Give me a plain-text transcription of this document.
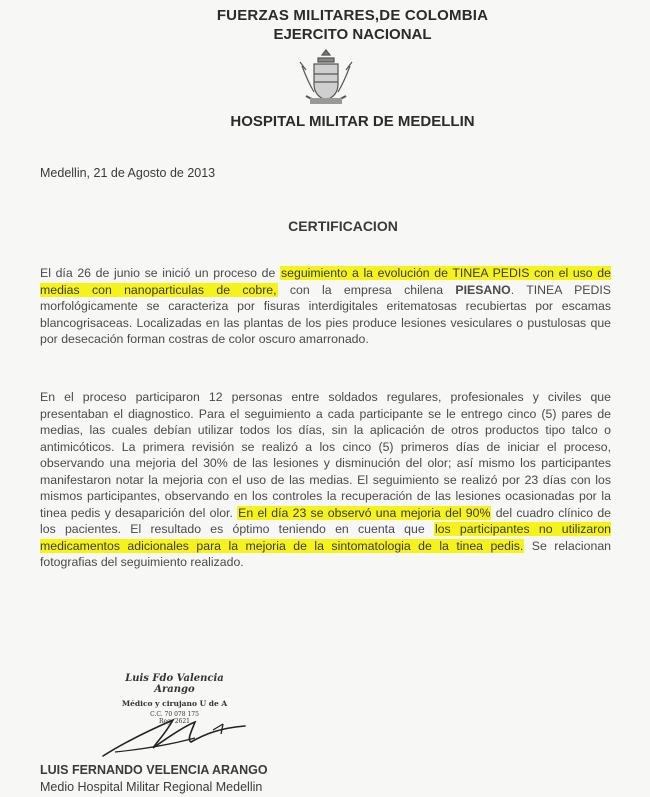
FUERZAS MILITARES,DE COLOMBIA
EJERCITO NACIONAL
HOSPITAL MILITAR DE MEDELLIN
Medellin, 21 de Agosto de 2013
CERTIFICACION
El día 26 de junio se inició un proceso de seguimiento a la evolución de TINEA PEDIS con el uso de medias con nanoparticulas de cobre, con la empresa chilena PIESANO. TINEA PEDIS morfológicamente se caracteriza por fisuras interdigitales eritematosas recubiertas por escamas blancogrisaceas. Localizadas en las plantas de los pies produce lesiones vesiculares o pustulosas que por desecación forman costras de color oscuro amarronado.
En el proceso participaron 12 personas entre soldados regulares, profesionales y civiles que presentaban el diagnostico. Para el seguimiento a cada participante se le entrego cinco (5) pares de medias, las cuales debían utilizar todos los días, sin la aplicación de otros productos tipo talco o antimicóticos. La primera revisión se realizó a los cinco (5) primeros días de iniciar el proceso, observando una mejoria del 30% de las lesiones y disminución del olor; así mismo los participantes manifestaron notar la mejoria con el uso de las medias. El seguimiento se realizó por 23 días con los mismos participantes, observando en los controles la recuperación de las lesiones ocasionadas por la tinea pedis y desaparición del olor. En el día 23 se observó una mejoria del 90% del cuadro clínico de los pacientes. El resultado es óptimo teniendo en cuenta que los participantes no utilizaron medicamentos adicionales para la mejoria de la sintomatologia de la tinea pedis. Se relacionan fotografias del seguimiento realizado.
Luis Fdo Valencia Arango
Médico y cirujano U de A
C.C. 70 078 175
Reg. 2621
LUIS FERNANDO VELENCIA ARANGO
Medio Hospital Militar Regional Medellin
